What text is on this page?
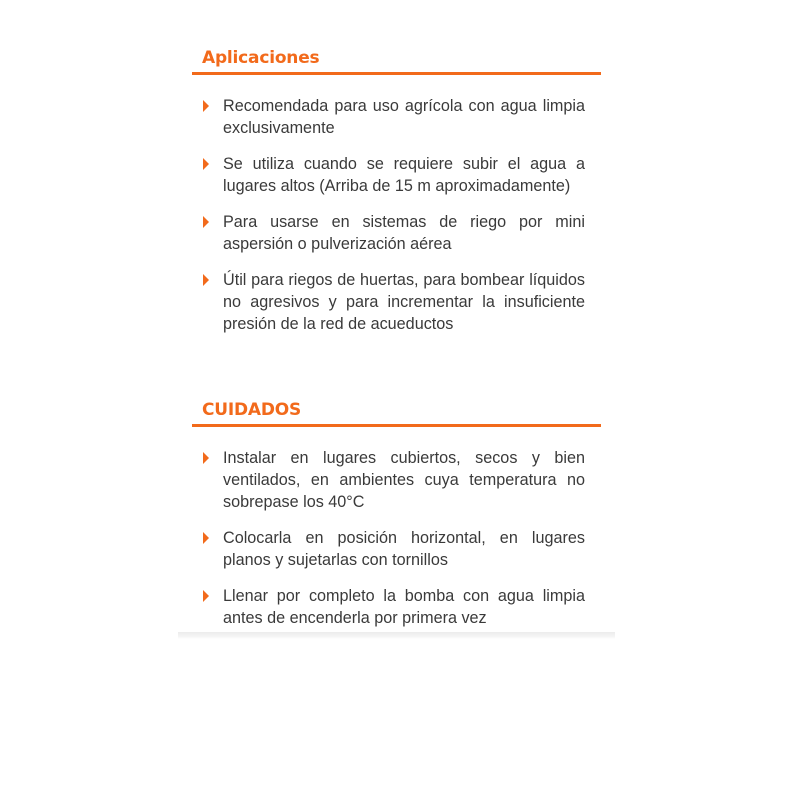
Aplicaciones
Recomendada para uso agrícola con agua limpia exclusivamente
Se utiliza cuando se requiere subir el agua a lugares altos (Arriba de 15 m aproximadamente)
Para usarse en sistemas de riego por mini aspersión o pulverización aérea
Útil para riegos de huertas, para bombear líquidos no agresivos y para incrementar la insuficiente presión de la red de acueductos
CUIDADOS
Instalar en lugares cubiertos, secos y bien ventilados, en ambientes cuya temperatura no sobrepase los 40°C
Colocarla en posición horizontal, en lugares planos y sujetarlas con tornillos
Llenar por completo la bomba con agua limpia antes de encenderla por primera vez
